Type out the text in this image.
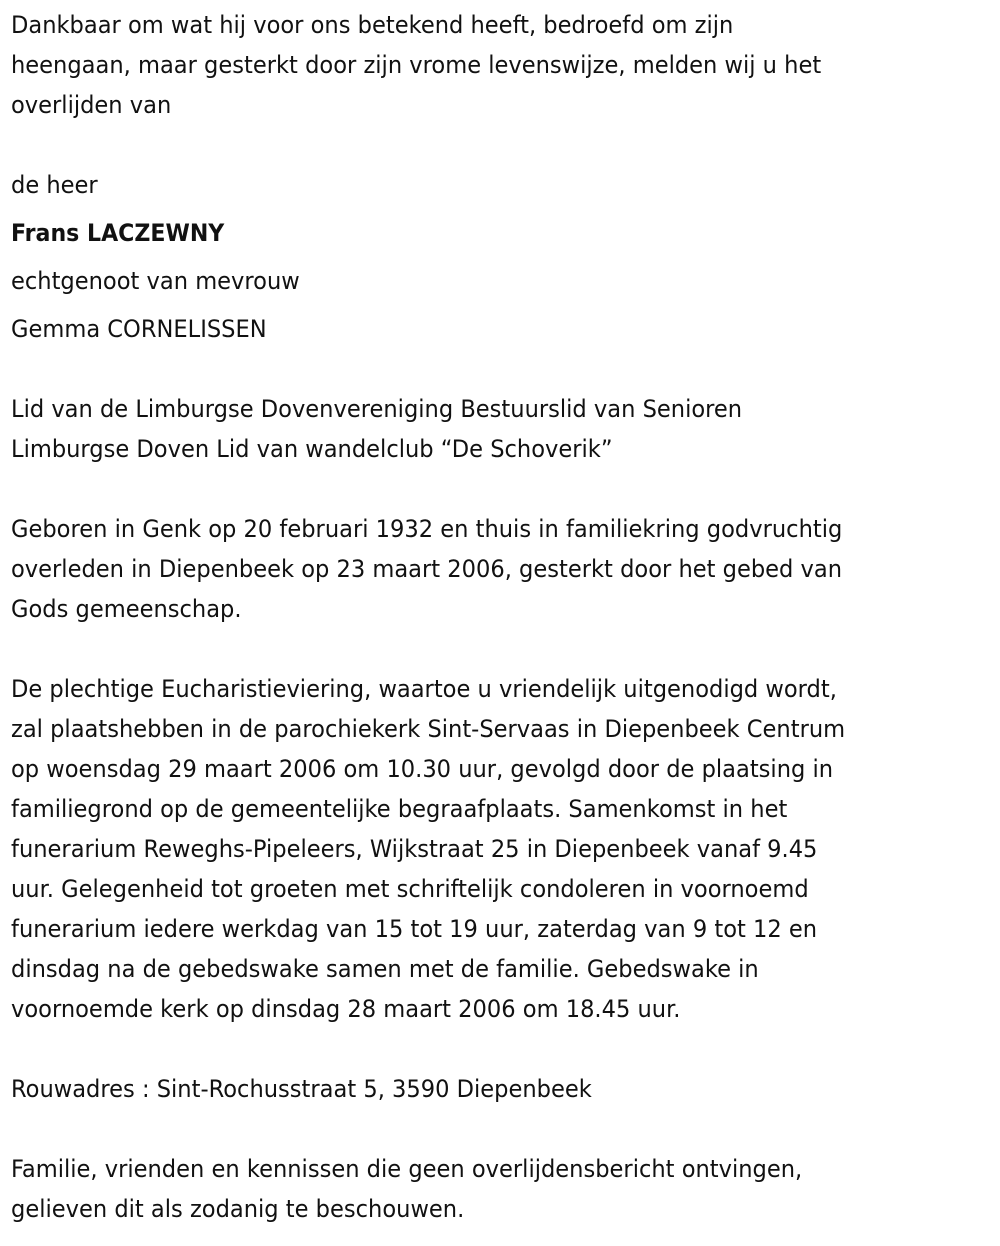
Dankbaar om wat hij voor ons betekend heeft, bedroefd om zijn
heengaan, maar gesterkt door zijn vrome levenswijze, melden wij u het
overlijden van
de heer
Frans LACZEWNY
echtgenoot van mevrouw
Gemma CORNELISSEN
Lid van de Limburgse Dovenvereniging Bestuurslid van Senioren
Limburgse Doven Lid van wandelclub “De Schoverik”
Geboren in Genk op 20 februari 1932 en thuis in familiekring godvruchtig
overleden in Diepenbeek op 23 maart 2006, gesterkt door het gebed van
Gods gemeenschap.
De plechtige Eucharistieviering, waartoe u vriendelijk uitgenodigd wordt,
zal plaatshebben in de parochiekerk Sint-Servaas in Diepenbeek Centrum
op woensdag 29 maart 2006 om 10.30 uur, gevolgd door de plaatsing in
familiegrond op de gemeentelijke begraafplaats. Samenkomst in het
funerarium Reweghs-Pipeleers, Wijkstraat 25 in Diepenbeek vanaf 9.45
uur. Gelegenheid tot groeten met schriftelijk condoleren in voornoemd
funerarium iedere werkdag van 15 tot 19 uur, zaterdag van 9 tot 12 en
dinsdag na de gebedswake samen met de familie. Gebedswake in
voornoemde kerk op dinsdag 28 maart 2006 om 18.45 uur.
Rouwadres : Sint-Rochusstraat 5, 3590 Diepenbeek
Familie, vrienden en kennissen die geen overlijdensbericht ontvingen,
gelieven dit als zodanig te beschouwen.
